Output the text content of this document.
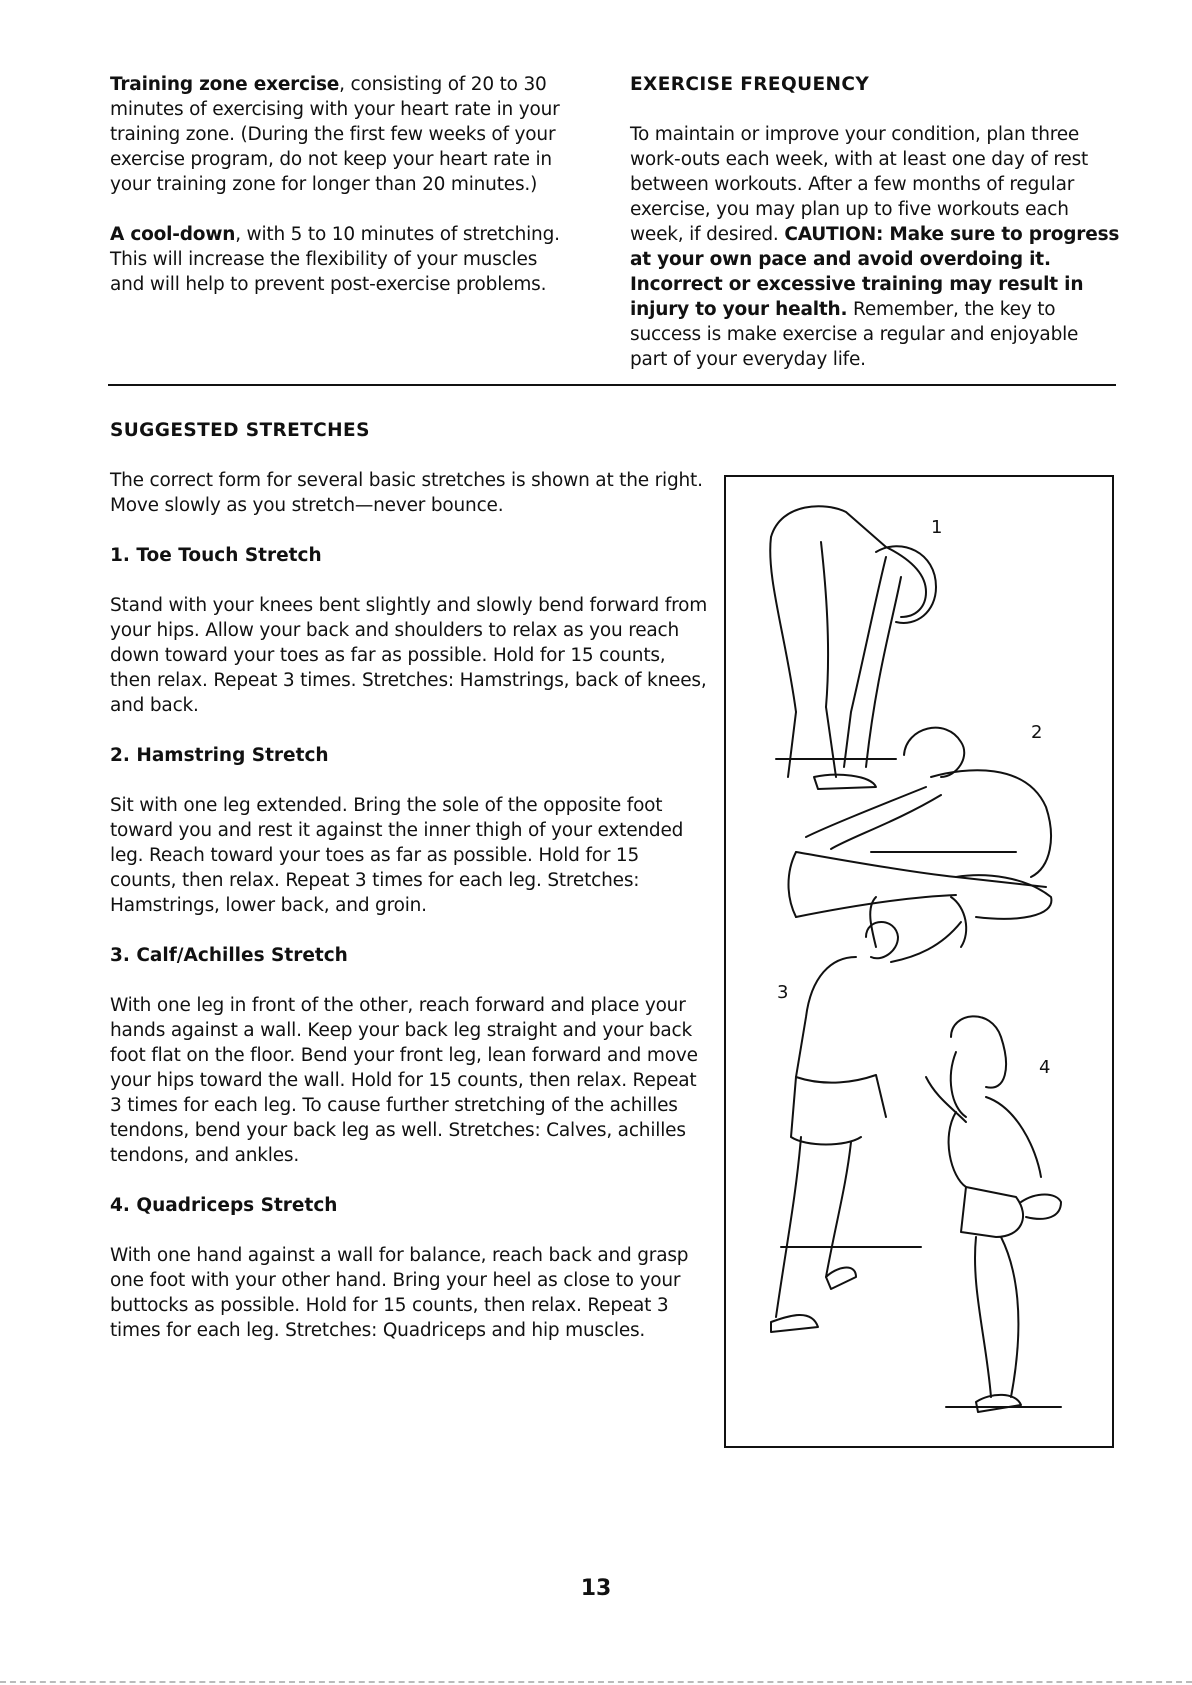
Training zone exercise, consisting of 20 to 30 minutes of exercising with your heart rate in your training zone. (During the first few weeks of your exercise program, do not keep your heart rate in your training zone for longer than 20 minutes.)

A cool-down, with 5 to 10 minutes of stretching. This will increase the flexibility of your muscles and will help to prevent post-exercise problems.

EXERCISE FREQUENCY

To maintain or improve your condition, plan three work-outs each week, with at least one day of rest between workouts. After a few months of regular exercise, you may plan up to five workouts each week, if desired. CAUTION: Make sure to progress at your own pace and avoid overdoing it. Incorrect or excessive training may result in injury to your health. Remember, the key to success is make exercise a regular and enjoyable part of your everyday life.

SUGGESTED STRETCHES

The correct form for several basic stretches is shown at the right. Move slowly as you stretch—never bounce.

1. Toe Touch Stretch

Stand with your knees bent slightly and slowly bend forward from your hips. Allow your back and shoulders to relax as you reach down toward your toes as far as possible. Hold for 15 counts, then relax. Repeat 3 times. Stretches: Hamstrings, back of knees, and back.

2. Hamstring Stretch

Sit with one leg extended. Bring the sole of the opposite foot toward you and rest it against the inner thigh of your extended leg. Reach toward your toes as far as possible. Hold for 15 counts, then relax. Repeat 3 times for each leg. Stretches: Hamstrings, lower back, and groin.

3. Calf/Achilles Stretch

With one leg in front of the other, reach forward and place your hands against a wall. Keep your back leg straight and your back foot flat on the floor. Bend your front leg, lean forward and move your hips toward the wall. Hold for 15 counts, then relax. Repeat 3 times for each leg. To cause further stretching of the achilles tendons, bend your back leg as well. Stretches: Calves, achilles tendons, and ankles.

4. Quadriceps Stretch

With one hand against a wall for balance, reach back and grasp one foot with your other hand. Bring your heel as close to your buttocks as possible. Hold for 15 counts, then relax. Repeat 3 times for each leg. Stretches: Quadriceps and hip muscles.

1
2
3
4
13
